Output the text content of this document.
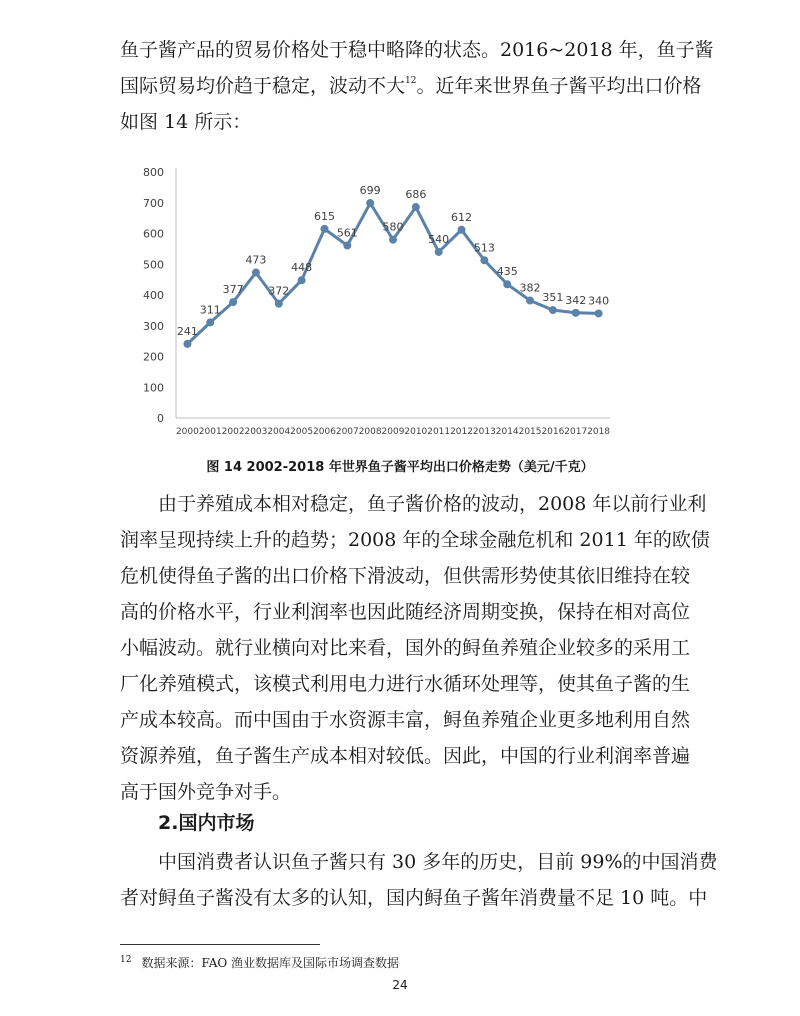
鱼子酱产品的贸易价格处于稳中略降的状态。2016~2018 年，鱼子酱
国际贸易均价趋于稳定，波动不大$^{12}$。近年来世界鱼子酱平均出口价格
如图 14 所示：
0
100
200
300
400
500
600
700
800
2000 2001 2002 2003 2004 2005 2006 2007 2008 2009 2010 2011 2012 2013 2014 2015 2016 2017 2018
241
311
377
473
372
448
615
561
699
580
686
540
612
513
435
382
351 342 340

图 14 2002-2018 年世界鱼子酱平均出口价格走势（美元/千克）

由于养殖成本相对稳定，鱼子酱价格的波动，2008 年以前行业利
润率呈现持续上升的趋势；2008 年的全球金融危机和 2011 年的欧债
危机使得鱼子酱的出口价格下滑波动，但供需形势使其依旧维持在较
高的价格水平，行业利润率也因此随经济周期变换，保持在相对高位
小幅波动。就行业横向对比来看，国外的鲟鱼养殖企业较多的采用工
厂化养殖模式，该模式利用电力进行水循环处理等，使其鱼子酱的生
产成本较高。而中国由于水资源丰富，鲟鱼养殖企业更多地利用自然
资源养殖，鱼子酱生产成本相对较低。因此，中国的行业利润率普遍
高于国外竞争对手。
2.国内市场
中国消费者认识鱼子酱只有 30 多年的历史，目前 99%的中国消费
者对鲟鱼子酱没有太多的认知，国内鲟鱼子酱年消费量不足 10 吨。中

$^{12}$ 数据来源：FAO 渔业数据库及国际市场调查数据

24
